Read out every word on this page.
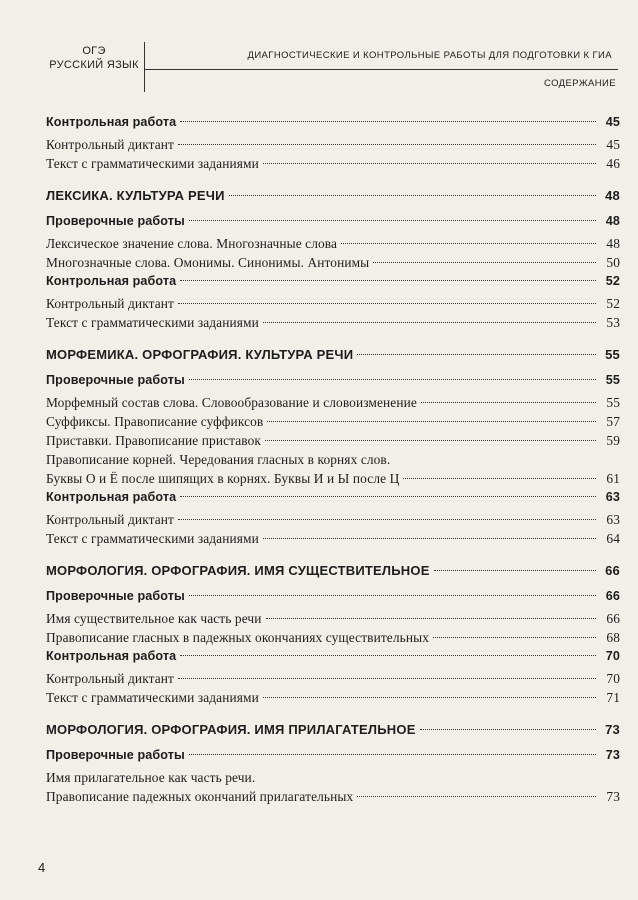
ОГЭ
РУССКИЙ ЯЗЫК
ДИАГНОСТИЧЕСКИЕ И КОНТРОЛЬНЫЕ РАБОТЫ ДЛЯ ПОДГОТОВКИ К ГИА
СОДЕРЖАНИЕ
Контрольная работа	45
Контрольный диктант	45
Текст с грамматическими заданиями	46
ЛЕКСИКА. КУЛЬТУРА РЕЧИ	48
Проверочные работы	48
Лексическое значение слова. Многозначные слова	48
Многозначные слова. Омонимы. Синонимы. Антонимы	50
Контрольная работа	52
Контрольный диктант	52
Текст с грамматическими заданиями	53
МОРФЕМИКА. ОРФОГРАФИЯ. КУЛЬТУРА РЕЧИ	55
Проверочные работы	55
Морфемный состав слова. Словообразование и словоизменение	55
Суффиксы. Правописание суффиксов	57
Приставки. Правописание приставок	59
Правописание корней. Чередования гласных в корнях слов.
Буквы О и Ё после шипящих в корнях. Буквы И и Ы после Ц	61
Контрольная работа	63
Контрольный диктант	63
Текст с грамматическими заданиями	64
МОРФОЛОГИЯ. ОРФОГРАФИЯ. ИМЯ СУЩЕСТВИТЕЛЬНОЕ	66
Проверочные работы	66
Имя существительное как часть речи	66
Правописание гласных в падежных окончаниях существительных	68
Контрольная работа	70
Контрольный диктант	70
Текст с грамматическими заданиями	71
МОРФОЛОГИЯ. ОРФОГРАФИЯ. ИМЯ ПРИЛАГАТЕЛЬНОЕ	73
Проверочные работы	73
Имя прилагательное как часть речи.
Правописание падежных окончаний прилагательных	73
4
